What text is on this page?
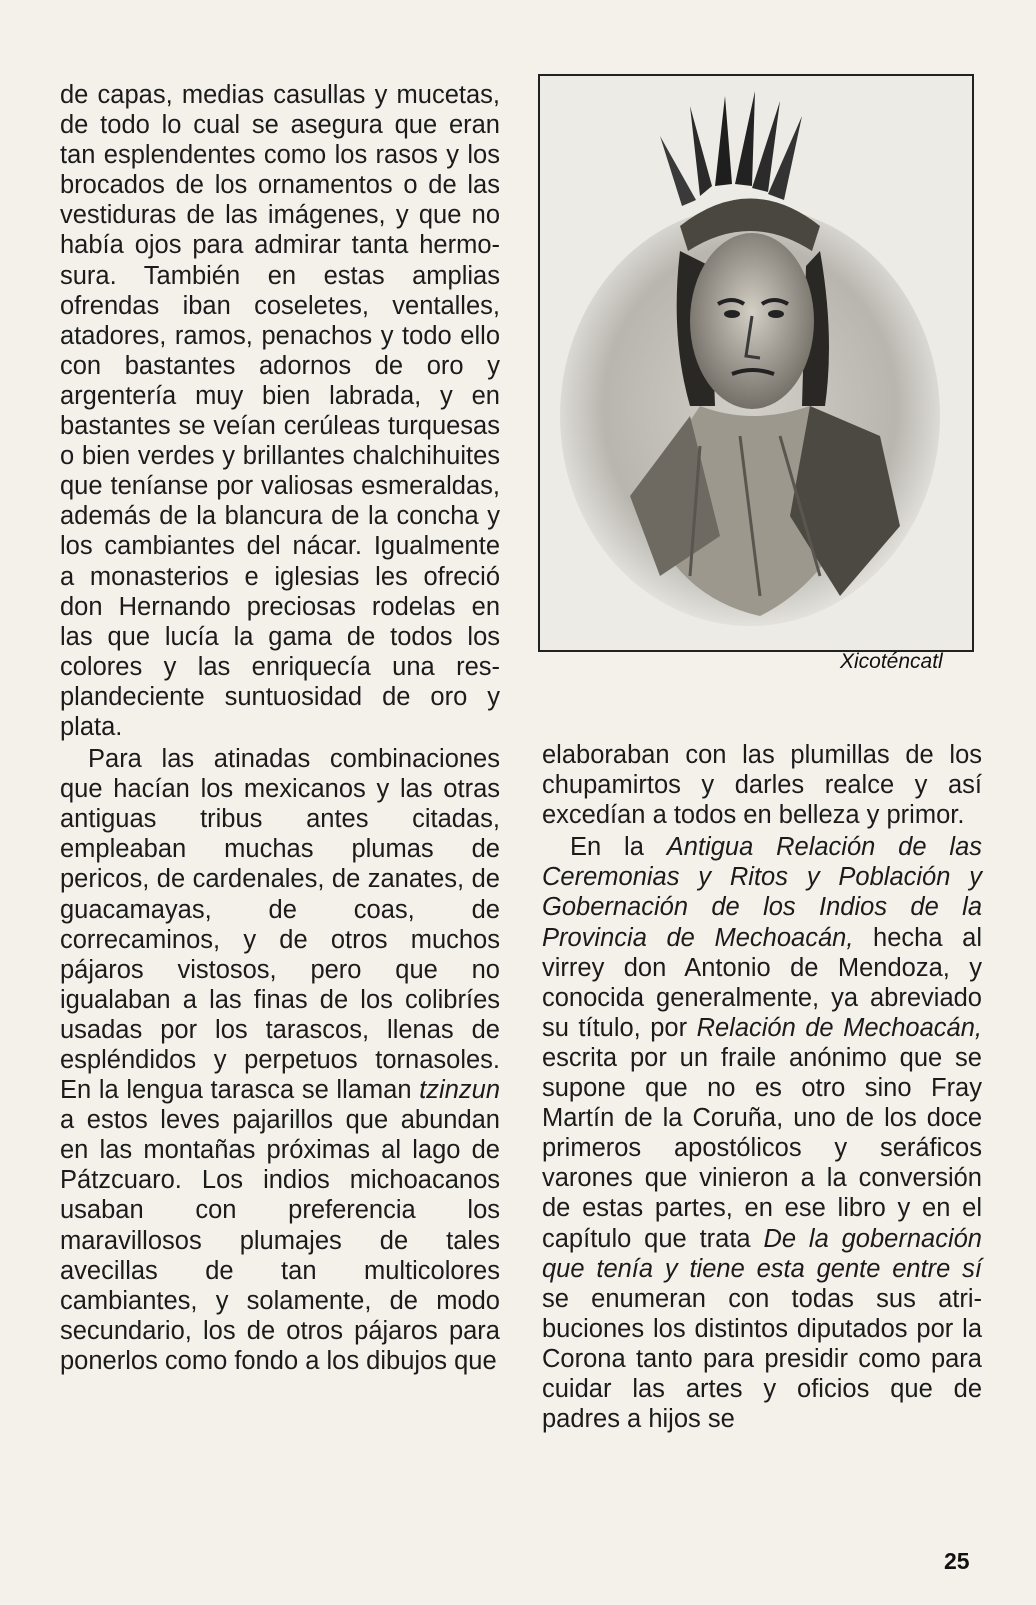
de capas, medias casullas y mucetas, de todo lo cual se asegura que eran tan esplendentes como los rasos y los brocados de los ornamentos o de las vestiduras de las imágenes, y que no había ojos para admirar tanta hermosura. También en estas amplias ofrendas iban coseletes, ventalles, atadores, ramos, penachos y todo ello con bastantes adornos de oro y argentería muy bien labrada, y en bastantes se veían cerúleas turquesas o bien verdes y brillantes chalchihuites que teníanse por valiosas esmeraldas, además de la blancura de la concha y los cambiantes del nácar. Igualmente a monasterios e iglesias les ofreció don Hernando preciosas rodelas en las que lucía la gama de todos los colores y las enriquecía una resplandeciente suntuosidad de oro y plata.

Para las atinadas combinaciones que hacían los mexicanos y las otras antiguas tribus antes citadas, empleaban muchas plumas de pericos, de cardenales, de zanates, de guacamayas, de coas, de correcaminos, y de otros muchos pájaros vistosos, pero que no igualaban a las finas de los colibríes usadas por los tarascos, llenas de espléndidos y perpetuos tornasoles. En la lengua tarasca se llaman tzinzun a estos leves pajarillos que abundan en las montañas próximas al lago de Pátzcuaro. Los indios michoacanos usaban con preferencia los maravillosos plumajes de tales avecillas de tan multicolores cambiantes, y solamente, de modo secundario, los de otros pájaros para ponerlos como fondo a los dibujos que

Xicoténcatl

elaboraban con las plumillas de los chupamirtos y darles realce y así excedían a todos en belleza y primor.

En la Antigua Relación de las Ceremonias y Ritos y Población y Gobernación de los Indios de la Provincia de Mechoacán, hecha al virrey don Antonio de Mendoza, y conocida generalmente, ya abreviado su título, por Relación de Mechoacán, escrita por un fraile anónimo que se supone que no es otro sino Fray Martín de la Coruña, uno de los doce primeros apostólicos y seráficos varones que vinieron a la conversión de estas partes, en ese libro y en el capítulo que trata De la gobernación que tenía y tiene esta gente entre sí se enumeran con todas sus atribuciones los distintos diputados por la Corona tanto para presidir como para cuidar las artes y oficios que de padres a hijos se

25
